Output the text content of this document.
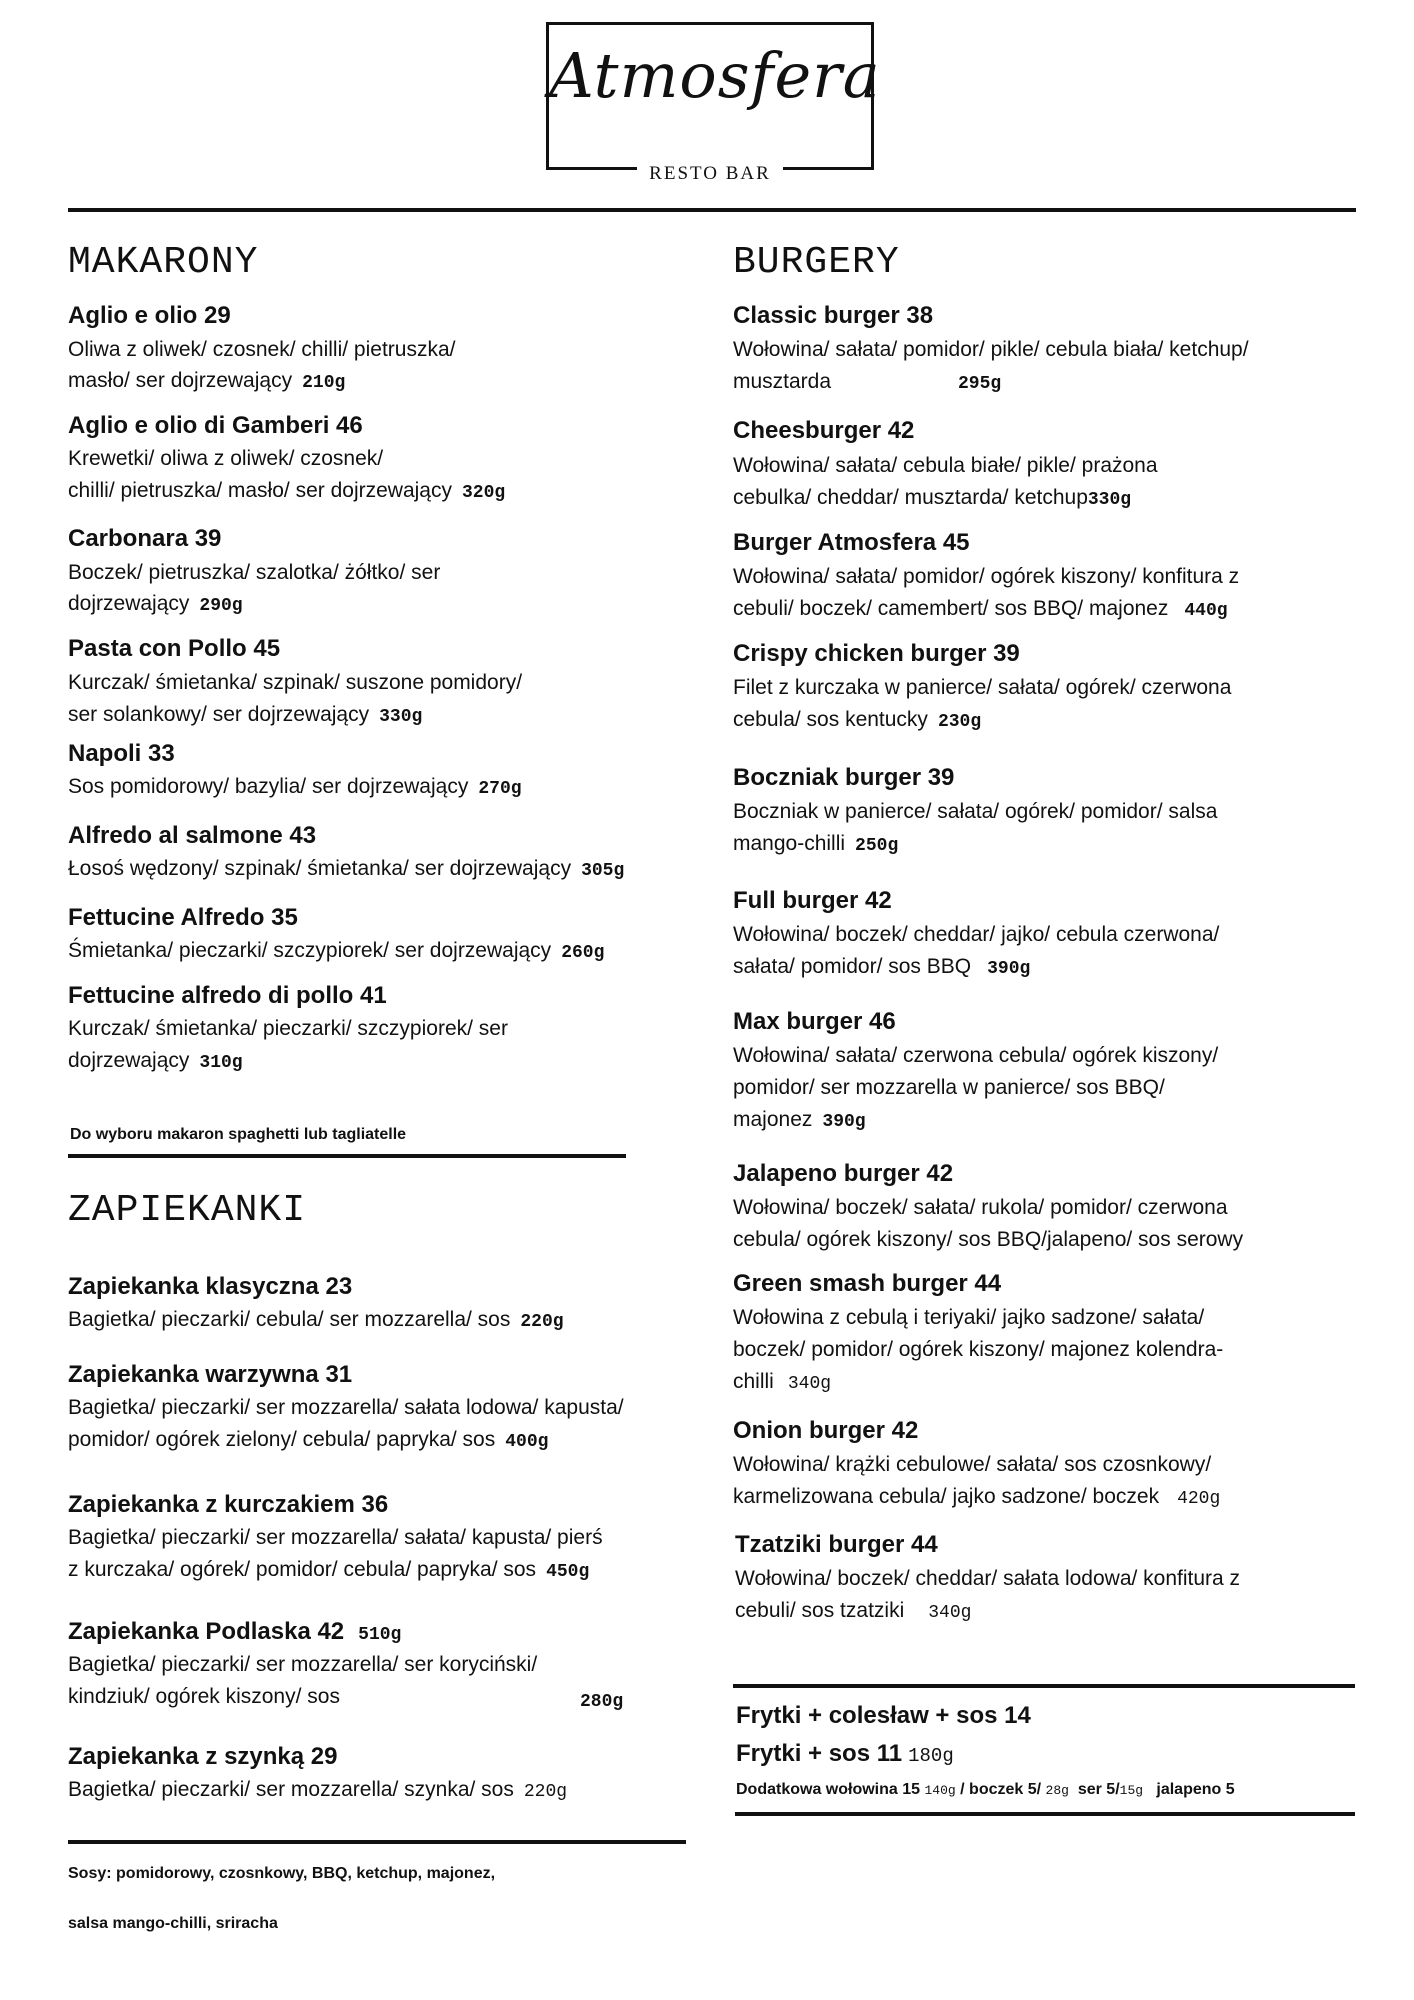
Atmosfera
RESTO BAR
MAKARONY
Aglio e olio 29
Oliwa z oliwek/ czosnek/ chilli/ pietruszka/
masło/ ser dojrzewający 210g
Aglio e olio di Gamberi 46
Krewetki/ oliwa z oliwek/ czosnek/
chilli/ pietruszka/ masło/ ser dojrzewający 320g
Carbonara 39
Boczek/ pietruszka/ szalotka/ żółtko/ ser
dojrzewający 290g
Pasta con Pollo 45
Kurczak/ śmietanka/ szpinak/ suszone pomidory/
ser solankowy/ ser dojrzewający 330g
Napoli 33
Sos pomidorowy/ bazylia/ ser dojrzewający 270g
Alfredo al salmone 43
Łosoś wędzony/ szpinak/ śmietanka/ ser dojrzewający 305g
Fettucine Alfredo 35
Śmietanka/ pieczarki/ szczypiorek/ ser dojrzewający 260g
Fettucine alfredo di pollo 41
Kurczak/ śmietanka/ pieczarki/ szczypiorek/ ser
dojrzewający 310g
Do wyboru makaron spaghetti lub tagliatelle
ZAPIEKANKI
Zapiekanka klasyczna 23
Bagietka/ pieczarki/ cebula/ ser mozzarella/ sos 220g
Zapiekanka warzywna 31
Bagietka/ pieczarki/ ser mozzarella/ sałata lodowa/ kapusta/
pomidor/ ogórek zielony/ cebula/ papryka/ sos 400g
Zapiekanka z kurczakiem 36
Bagietka/ pieczarki/ ser mozzarella/ sałata/ kapusta/ pierś
z kurczaka/ ogórek/ pomidor/ cebula/ papryka/ sos 450g
Zapiekanka Podlaska 42 510g
Bagietka/ pieczarki/ ser mozzarella/ ser koryciński/
kindziuk/ ogórek kiszony/ sos	280g
Zapiekanka z szynką 29
Bagietka/ pieczarki/ ser mozzarella/ szynka/ sos 220g
Sosy: pomidorowy, czosnkowy, BBQ, ketchup, majonez,
salsa mango-chilli, sriracha
BURGERY
Classic burger 38
Wołowina/ sałata/ pomidor/ pikle/ cebula biała/ ketchup/
musztarda	295g
Cheesburger 42
Wołowina/ sałata/ cebula białe/ pikle/ prażona
cebulka/ cheddar/ musztarda/ ketchup330g
Burger Atmosfera 45
Wołowina/ sałata/ pomidor/ ogórek kiszony/ konfitura z
cebuli/ boczek/ camembert/ sos BBQ/ majonez 440g
Crispy chicken burger 39
Filet z kurczaka w panierce/ sałata/ ogórek/ czerwona
cebula/ sos kentucky 230g
Boczniak burger 39
Boczniak w panierce/ sałata/ ogórek/ pomidor/ salsa
mango-chilli 250g
Full burger 42
Wołowina/ boczek/ cheddar/ jajko/ cebula czerwona/
sałata/ pomidor/ sos BBQ 390g
Max burger 46
Wołowina/ sałata/ czerwona cebula/ ogórek kiszony/
pomidor/ ser mozzarella w panierce/ sos BBQ/
majonez 390g
Jalapeno burger 42
Wołowina/ boczek/ sałata/ rukola/ pomidor/ czerwona
cebula/ ogórek kiszony/ sos BBQ/jalapeno/ sos serowy
Green smash burger 44
Wołowina z cebulą i teriyaki/ jajko sadzone/ sałata/
boczek/ pomidor/ ogórek kiszony/ majonez kolendra-
chilli 340g
Onion burger 42
Wołowina/ krążki cebulowe/ sałata/ sos czosnkowy/
karmelizowana cebula/ jajko sadzone/ boczek 420g
Tzatziki burger 44
Wołowina/ boczek/ cheddar/ sałata lodowa/ konfitura z
cebuli/ sos tzatziki 340g
Frytki + colesław + sos 14
Frytki + sos 11 180g
Dodatkowa wołowina 15 140g / boczek 5/ 28g ser 5/15g jalapeno 5
